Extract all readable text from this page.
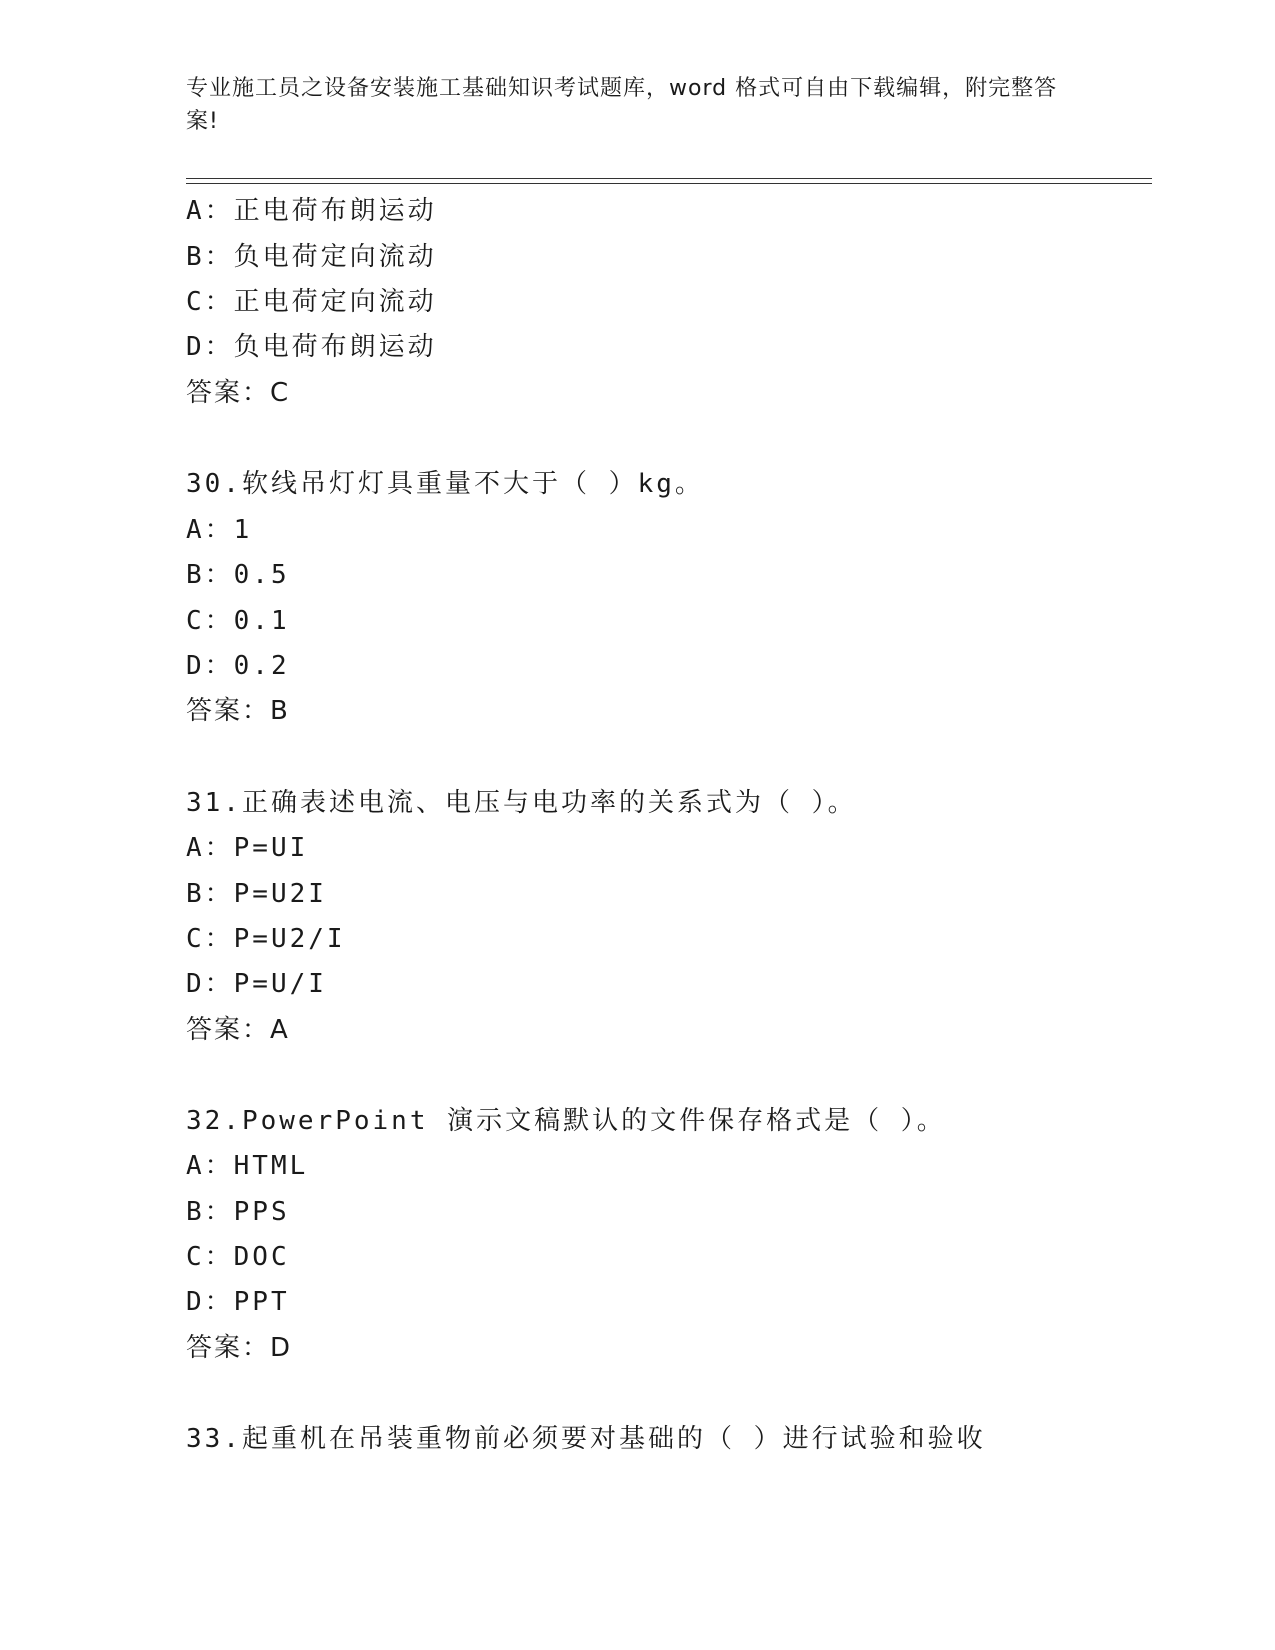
专业施工员之设备安装施工基础知识考试题库，word 格式可自由下载编辑，附完整答案!
A：正电荷布朗运动
B：负电荷定向流动
C：正电荷定向流动
D：负电荷布朗运动
答案：C
30.软线吊灯灯具重量不大于（ ）kg。
A：1
B：0.5
C：0.1
D：0.2
答案：B
31.正确表述电流、电压与电功率的关系式为（ ）。
A：P=UI
B：P=U2I
C：P=U2/I
D：P=U/I
答案：A
32.PowerPoint 演示文稿默认的文件保存格式是（ ）。
A：HTML
B：PPS
C：DOC
D：PPT
答案：D
33.起重机在吊装重物前必须要对基础的（ ）进行试验和验收
